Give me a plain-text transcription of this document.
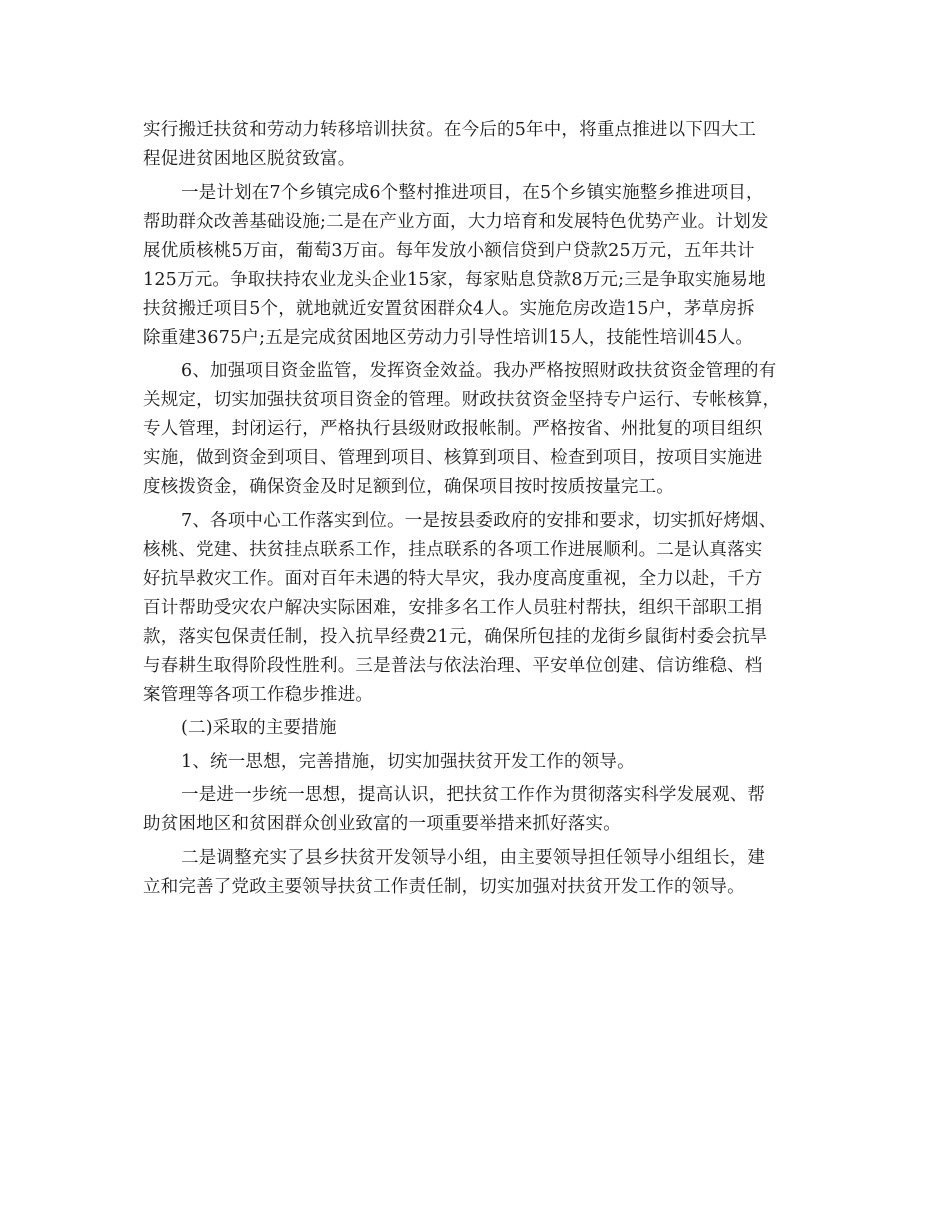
实行搬迁扶贫和劳动力转移培训扶贫。在今后的5年中，将重点推进以下四大工
程促进贫困地区脱贫致富。
一是计划在7个乡镇完成6个整村推进项目，在5个乡镇实施整乡推进项目，
帮助群众改善基础设施;二是在产业方面，大力培育和发展特色优势产业。计划发
展优质核桃5万亩，葡萄3万亩。每年发放小额信贷到户贷款25万元，五年共计
125万元。争取扶持农业龙头企业15家，每家贴息贷款8万元;三是争取实施易地
扶贫搬迁项目5个，就地就近安置贫困群众4人。实施危房改造15户，茅草房拆
除重建3675户;五是完成贫困地区劳动力引导性培训15人，技能性培训45人。
6、加强项目资金监管，发挥资金效益。我办严格按照财政扶贫资金管理的有
关规定，切实加强扶贫项目资金的管理。财政扶贫资金坚持专户运行、专帐核算，
专人管理，封闭运行，严格执行县级财政报帐制。严格按省、州批复的项目组织
实施，做到资金到项目、管理到项目、核算到项目、检查到项目，按项目实施进
度核拨资金，确保资金及时足额到位，确保项目按时按质按量完工。
7、各项中心工作落实到位。一是按县委政府的安排和要求，切实抓好烤烟、
核桃、党建、扶贫挂点联系工作，挂点联系的各项工作进展顺利。二是认真落实
好抗旱救灾工作。面对百年未遇的特大旱灾，我办度高度重视，全力以赴，千方
百计帮助受灾农户解决实际困难，安排多名工作人员驻村帮扶，组织干部职工捐
款，落实包保责任制，投入抗旱经费21元，确保所包挂的龙街乡鼠街村委会抗旱
与春耕生取得阶段性胜利。三是普法与依法治理、平安单位创建、信访维稳、档
案管理等各项工作稳步推进。
(二)采取的主要措施
1、统一思想，完善措施，切实加强扶贫开发工作的领导。
一是进一步统一思想，提高认识，把扶贫工作作为贯彻落实科学发展观、帮
助贫困地区和贫困群众创业致富的一项重要举措来抓好落实。
二是调整充实了县乡扶贫开发领导小组，由主要领导担任领导小组组长，建
立和完善了党政主要领导扶贫工作责任制，切实加强对扶贫开发工作的领导。
